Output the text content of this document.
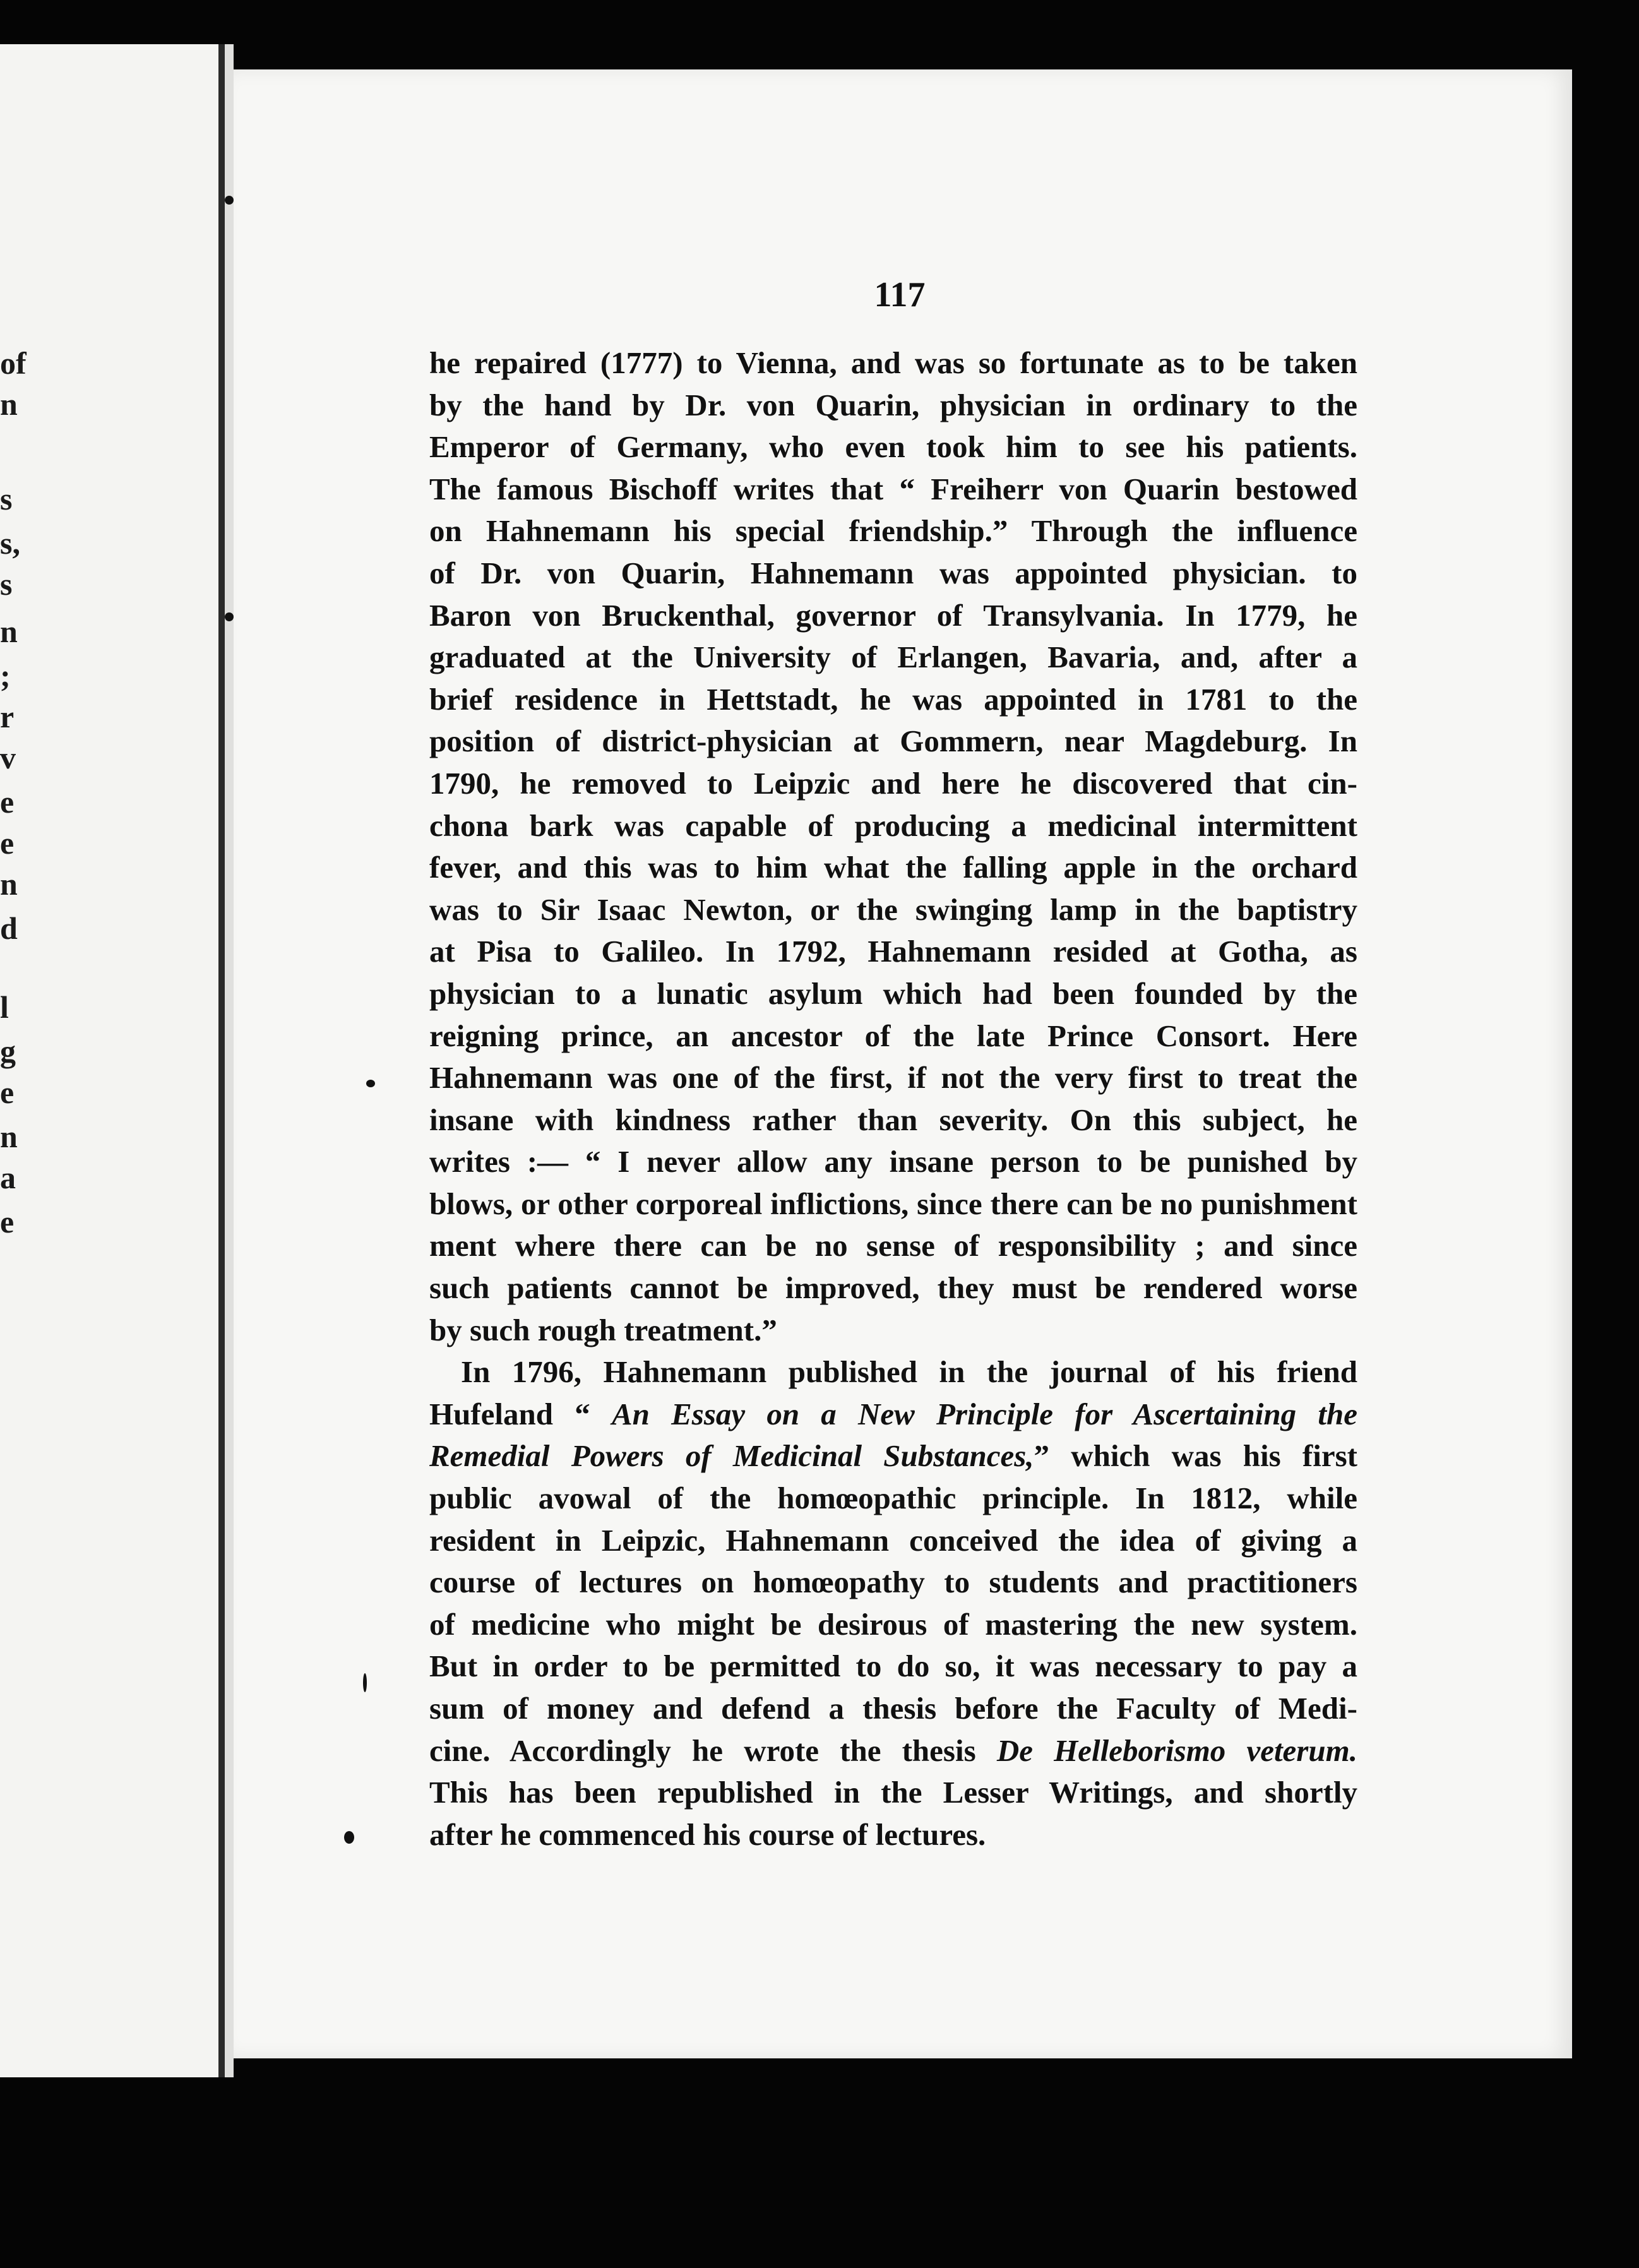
of
n
s
s,
s
n
;
r
v
e
e
n
d
l
g
e
n
a
e

117

he repaired (1777) to Vienna, and was so fortunate as to be taken
by the hand by Dr. von Quarin, physician in ordinary to the
Emperor of Germany, who even took him to see his patients.
The famous Bischoff writes that “ Freiherr von Quarin bestowed
on Hahnemann his special friendship.” Through the influence
of Dr. von Quarin, Hahnemann was appointed physician. to
Baron von Bruckenthal, governor of Transylvania. In 1779, he
graduated at the University of Erlangen, Bavaria, and, after a
brief residence in Hettstadt, he was appointed in 1781 to the
position of district-physician at Gommern, near Magdeburg. In
1790, he removed to Leipzic and here he discovered that cin-
chona bark was capable of producing a medicinal intermittent
fever, and this was to him what the falling apple in the orchard
was to Sir Isaac Newton, or the swinging lamp in the baptistry
at Pisa to Galileo. In 1792, Hahnemann resided at Gotha, as
physician to a lunatic asylum which had been founded by the
reigning prince, an ancestor of the late Prince Consort. Here
Hahnemann was one of the first, if not the very first to treat the
insane with kindness rather than severity. On this subject, he
writes :— “ I never allow any insane person to be punished by
blows, or other corporeal inflictions, since there can be no punishment
ment where there can be no sense of responsibility ; and since
such patients cannot be improved, they must be rendered worse
by such rough treatment.”
In 1796, Hahnemann published in the journal of his friend
Hufeland “ An Essay on a New Principle for Ascertaining the
Remedial Powers of Medicinal Substances,” which was his first
public avowal of the homœopathic principle. In 1812, while
resident in Leipzic, Hahnemann conceived the idea of giving a
course of lectures on homœopathy to students and practitioners
of medicine who might be desirous of mastering the new system.
But in order to be permitted to do so, it was necessary to pay a
sum of money and defend a thesis before the Faculty of Medi-
cine. Accordingly he wrote the thesis De Helleborismo veterum.
This has been republished in the Lesser Writings, and shortly
after he commenced his course of lectures.
